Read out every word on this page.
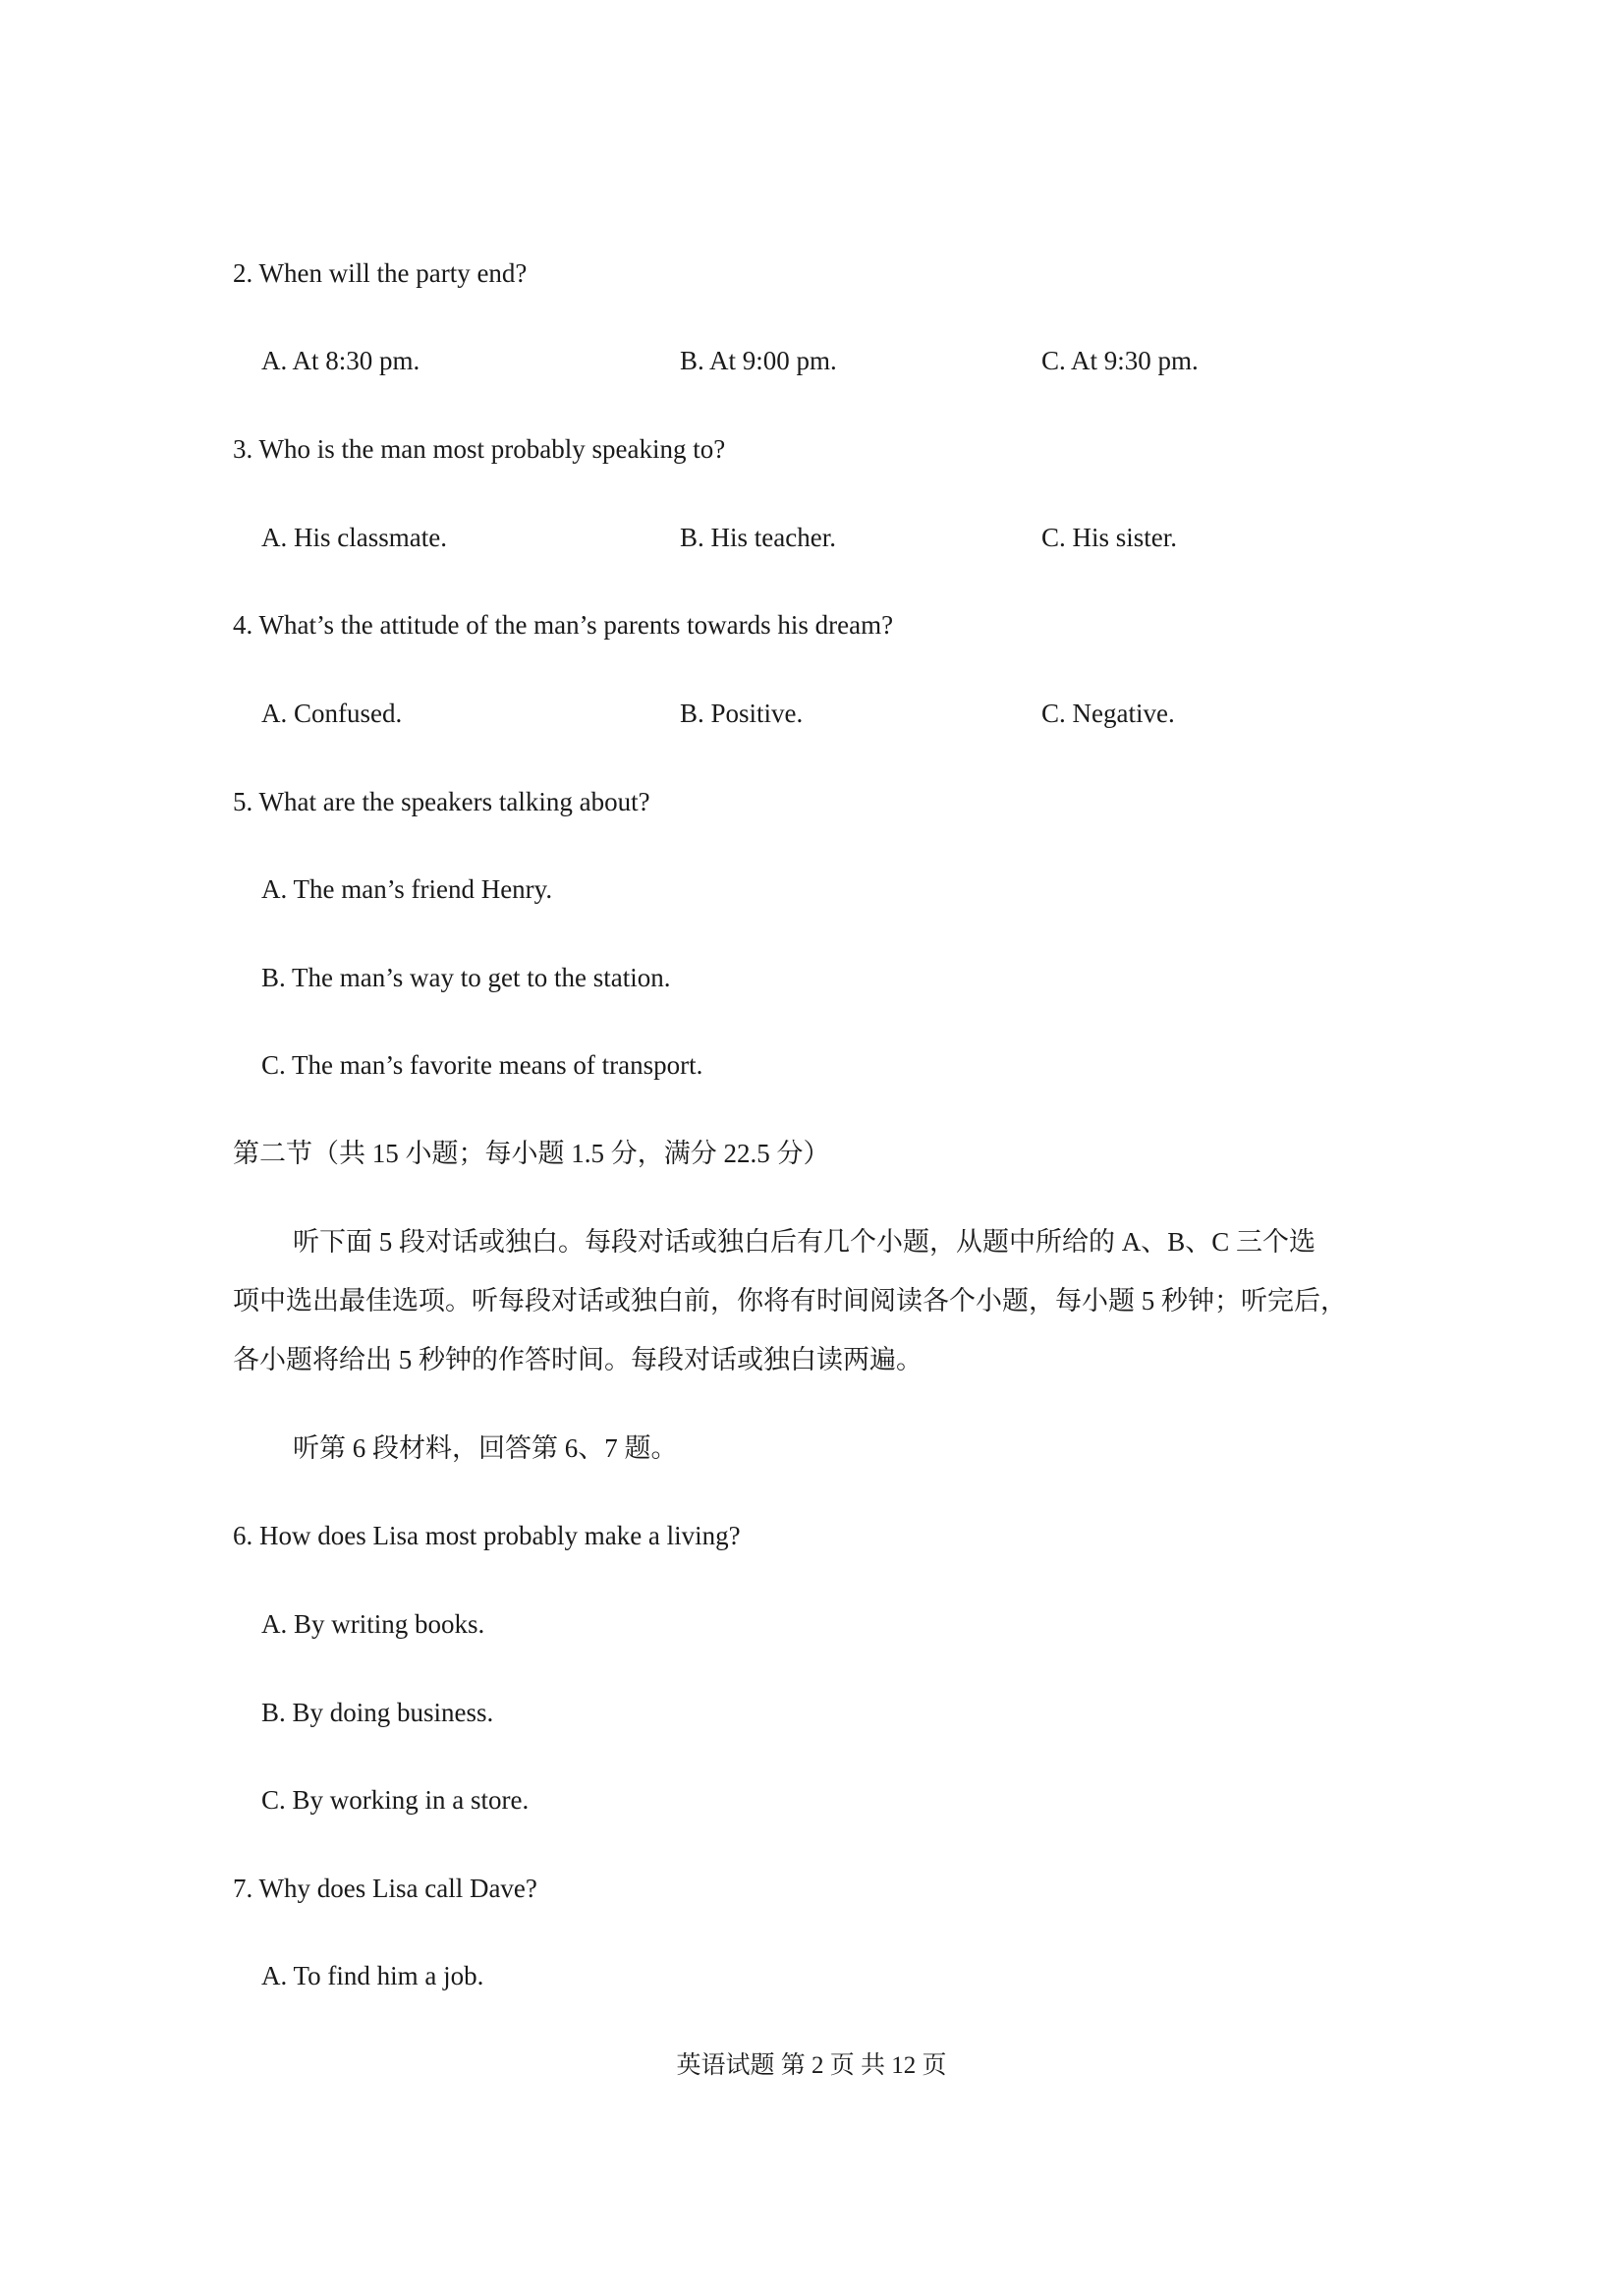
2. When will the party end?
A. At 8:30 pm.	B. At 9:00 pm.	C. At 9:30 pm.
3. Who is the man most probably speaking to?
A. His classmate.	B. His teacher.	C. His sister.
4. What’s the attitude of the man’s parents towards his dream?
A. Confused.	B. Positive.	C. Negative.
5. What are the speakers talking about?
A. The man’s friend Henry.
B. The man’s way to get to the station.
C. The man’s favorite means of transport.
第二节（共 15 小题；每小题 1.5 分，满分 22.5 分）
听下面 5 段对话或独白。每段对话或独白后有几个小题，从题中所给的 A、B、C 三个选
项中选出最佳选项。听每段对话或独白前，你将有时间阅读各个小题，每小题 5 秒钟；听完后，
各小题将给出 5 秒钟的作答时间。每段对话或独白读两遍。
听第 6 段材料，回答第 6、7 题。
6. How does Lisa most probably make a living?
A. By writing books.
B. By doing business.
C. By working in a store.
7. Why does Lisa call Dave?
A. To find him a job.
英语试题 第 2 页 共 12 页
